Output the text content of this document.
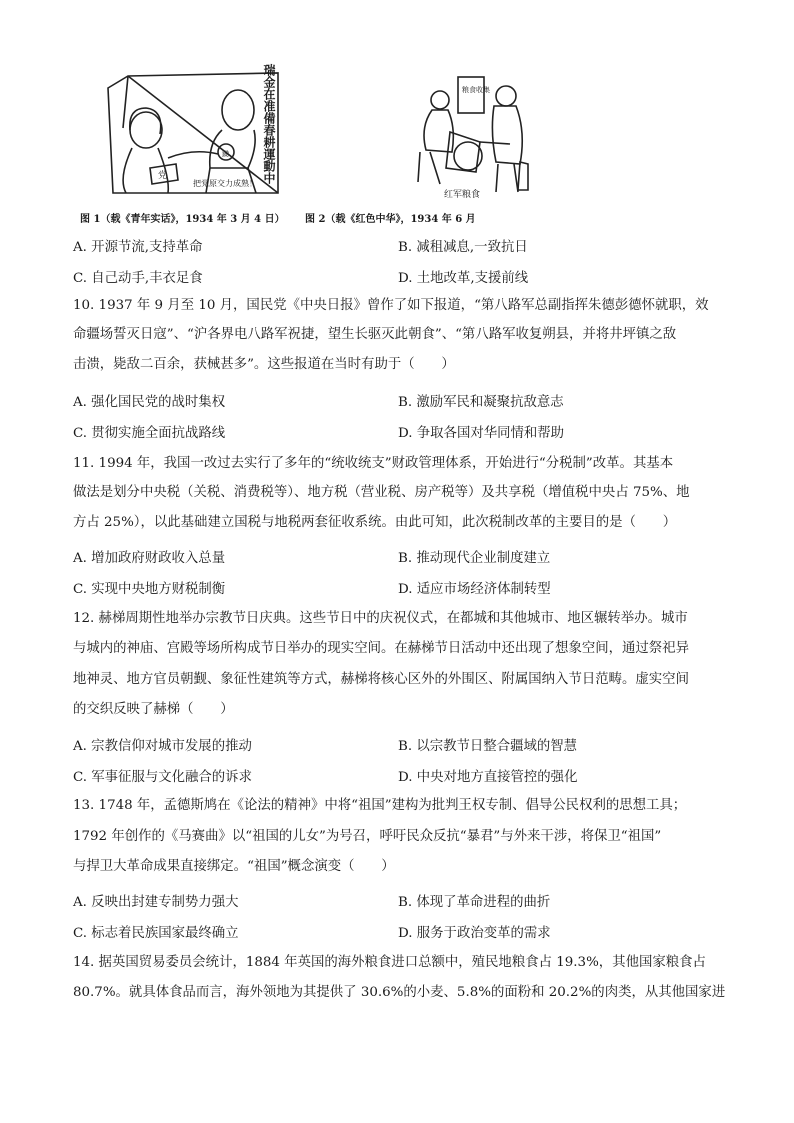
党
鋤
把党原交力成熟！ 瑞金在准備春耕運動中	粮食收集
红军粮食
图 1（载《青年实话》，1934 年 3 月 4 日） 图 2（载《红色中华》，1934 年 6 月
A. 开源节流,支持革命	B. 减租减息,一致抗日
C. 自己动手,丰衣足食	D. 土地改革,支援前线
10. 1937 年 9 月至 10 月，国民党《中央日报》曾作了如下报道，“第八路军总副指挥朱德彭德怀就职，效
命疆场誓灭日寇”、“沪各界电八路军祝捷，望生长驱灭此朝食”、“第八路军收复朔县，并将井坪镇之敌
击溃，毙敌二百余，获械甚多”。这些报道在当时有助于（　　）
A. 强化国民党的战时集权	B. 激励军民和凝聚抗敌意志
C. 贯彻实施全面抗战路线	D. 争取各国对华同情和帮助
11. 1994 年，我国一改过去实行了多年的“统收统支”财政管理体系，开始进行“分税制”改革。其基本
做法是划分中央税（关税、消费税等）、地方税（营业税、房产税等）及共享税（增值税中央占 75%、地
方占 25%），以此基础建立国税与地税两套征收系统。由此可知，此次税制改革的主要目的是（　　）
A. 增加政府财政收入总量	B. 推动现代企业制度建立
C. 实现中央地方财税制衡	D. 适应市场经济体制转型
12. 赫梯周期性地举办宗教节日庆典。这些节日中的庆祝仪式，在都城和其他城市、地区辗转举办。城市
与城内的神庙、宫殿等场所构成节日举办的现实空间。在赫梯节日活动中还出现了想象空间，通过祭祀异
地神灵、地方官员朝觐、象征性建筑等方式，赫梯将核心区外的外围区、附属国纳入节日范畴。虚实空间
的交织反映了赫梯（　　）
A. 宗教信仰对城市发展的推动	B. 以宗教节日整合疆域的智慧
C. 军事征服与文化融合的诉求	D. 中央对地方直接管控的强化
13. 1748 年，孟德斯鸠在《论法的精神》中将“祖国”建构为批判王权专制、倡导公民权利的思想工具；
1792 年创作的《马赛曲》以“祖国的儿女”为号召，呼吁民众反抗“暴君”与外来干涉，将保卫“祖国”
与捍卫大革命成果直接绑定。“祖国”概念演变（　　）
A. 反映出封建专制势力强大	B. 体现了革命进程的曲折
C. 标志着民族国家最终确立	D. 服务于政治变革的需求
14. 据英国贸易委员会统计，1884 年英国的海外粮食进口总额中，殖民地粮食占 19.3%，其他国家粮食占
80.7%。就具体食品而言，海外领地为其提供了 30.6%的小麦、5.8%的面粉和 20.2%的肉类，从其他国家进
